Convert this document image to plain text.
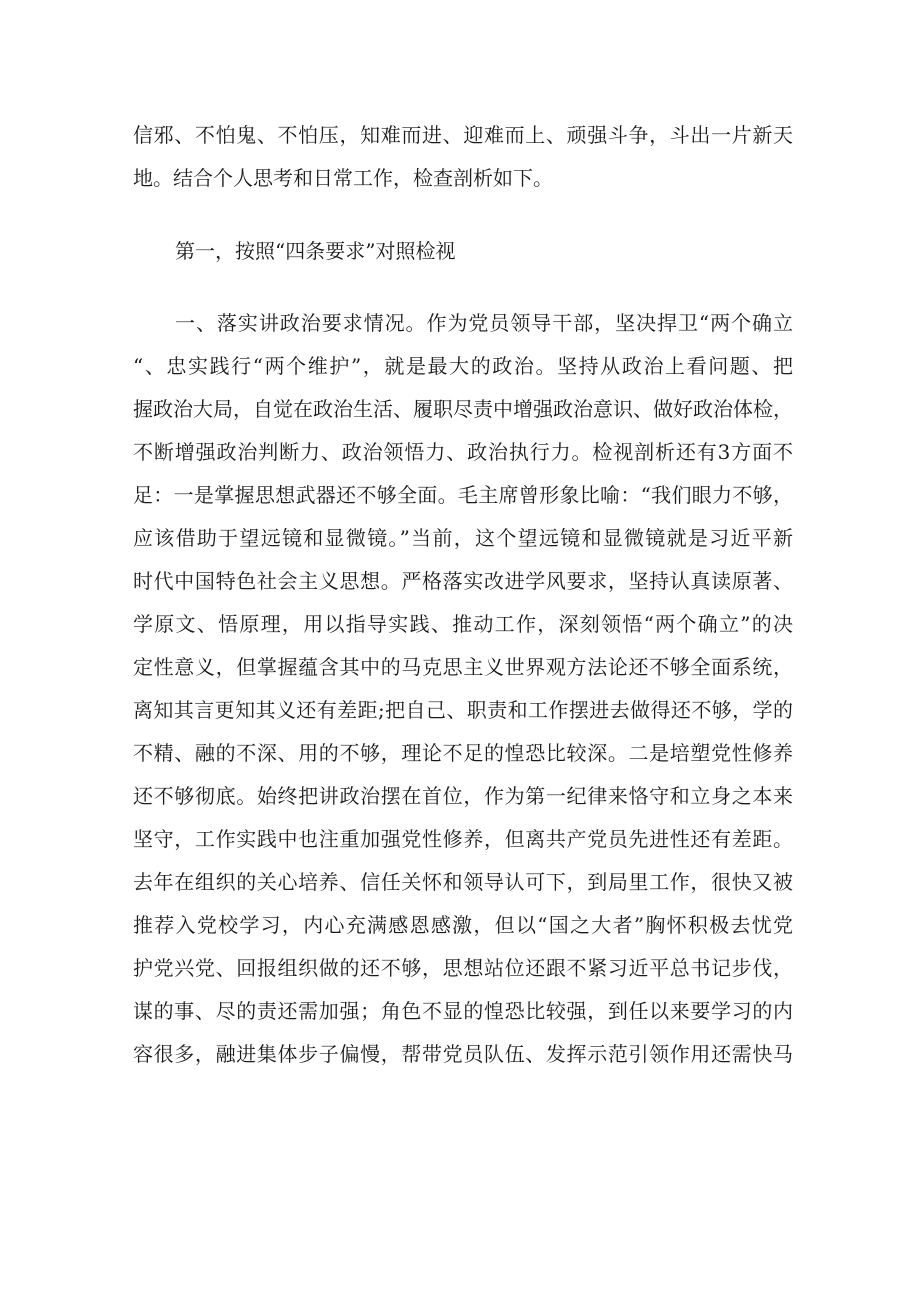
信邪、不怕鬼、不怕压，知难而进、迎难而上、顽强斗争，斗出一片新天
地。结合个人思考和日常工作，检查剖析如下。
第一，按照“四条要求”对照检视
一、落实讲政治要求情况。作为党员领导干部，坚决捍卫“两个确立
“、忠实践行“两个维护”，就是最大的政治。坚持从政治上看问题、把
握政治大局，自觉在政治生活、履职尽责中增强政治意识、做好政治体检，
不断增强政治判断力、政治领悟力、政治执行力。检视剖析还有3方面不
足：一是掌握思想武器还不够全面。毛主席曾形象比喻：“我们眼力不够，
应该借助于望远镜和显微镜。”当前，这个望远镜和显微镜就是习近平新
时代中国特色社会主义思想。严格落实改进学风要求，坚持认真读原著、
学原文、悟原理，用以指导实践、推动工作，深刻领悟“两个确立”的决
定性意义，但掌握蕴含其中的马克思主义世界观方法论还不够全面系统，
离知其言更知其义还有差距;把自己、职责和工作摆进去做得还不够，学的
不精、融的不深、用的不够，理论不足的惶恐比较深。二是培塑党性修养
还不够彻底。始终把讲政治摆在首位，作为第一纪律来恪守和立身之本来
坚守，工作实践中也注重加强党性修养，但离共产党员先进性还有差距。
去年在组织的关心培养、信任关怀和领导认可下，到局里工作，很快又被
推荐入党校学习，内心充满感恩感激，但以“国之大者”胸怀积极去忧党
护党兴党、回报组织做的还不够，思想站位还跟不紧习近平总书记步伐，
谋的事、尽的责还需加强；角色不显的惶恐比较强，到任以来要学习的内
容很多，融进集体步子偏慢，帮带党员队伍、发挥示范引领作用还需快马
